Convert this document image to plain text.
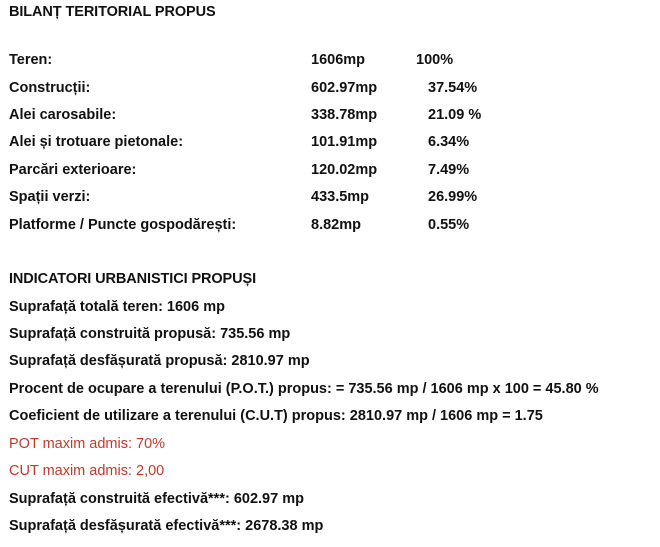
BILANȚ TERITORIAL PROPUS
Teren:	1606mp	100%
Construcții:	602.97mp	37.54%
Alei carosabile:	338.78mp	21.09 %
Alei și trotuare pietonale:	101.91mp	6.34%
Parcări exterioare:	120.02mp	7.49%
Spații verzi:	433.5mp	26.99%
Platforme / Puncte gospodărești:	8.82mp	0.55%
INDICATORI URBANISTICI PROPUȘI
Suprafață totală teren: 1606 mp
Suprafață construită propusă: 735.56 mp
Suprafață desfășurată propusă: 2810.97 mp
Procent de ocupare a terenului (P.O.T.) propus: = 735.56 mp / 1606 mp x 100 = 45.80 %
Coeficient de utilizare a terenului (C.U.T) propus: 2810.97 mp / 1606 mp = 1.75
POT maxim admis: 70%
CUT maxim admis: 2,00
Suprafață construită efectivă***: 602.97 mp
Suprafață desfășurată efectivă***: 2678.38 mp
